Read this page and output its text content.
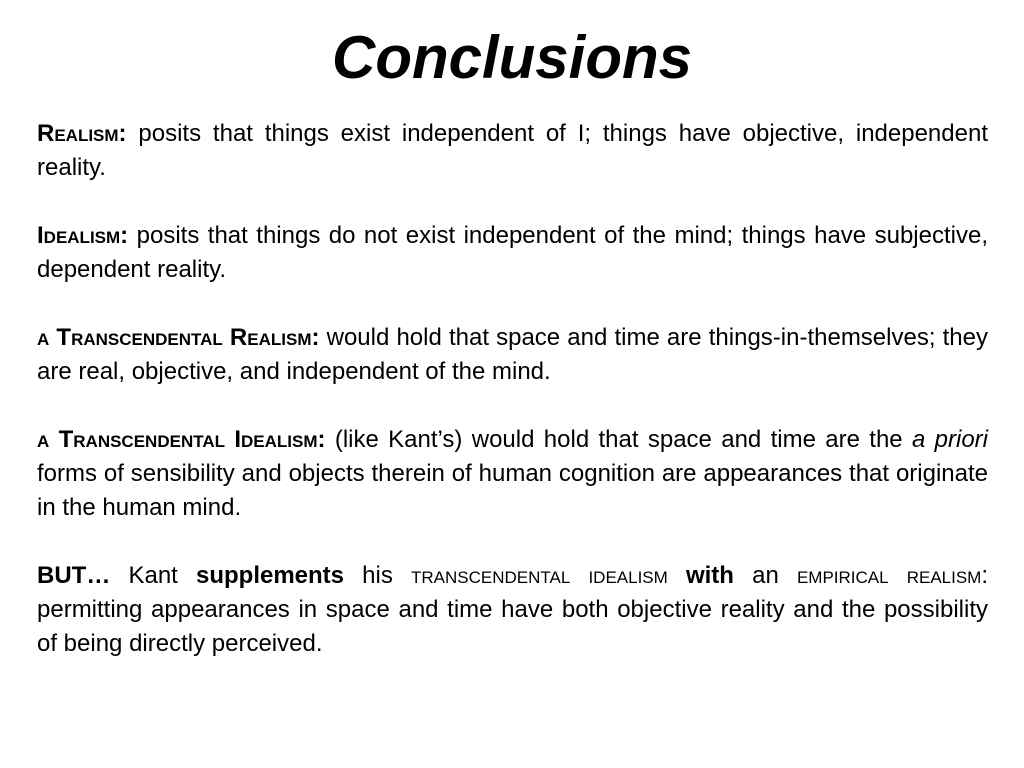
Conclusions

Realism: posits that things exist independent of I; things have objective, independent reality.

Idealism: posits that things do not exist independent of the mind; things have subjective, dependent reality.

a Transcendental Realism: would hold that space and time are things-in-themselves; they are real, objective, and independent of the mind.

a Transcendental Idealism: (like Kant’s) would hold that space and time are the a priori forms of sensibility and objects therein of human cognition are appearances that originate in the human mind.

BUT… Kant supplements his transcendental idealism with an empirical realism: permitting appearances in space and time have both objective reality and the possibility of being directly perceived.
